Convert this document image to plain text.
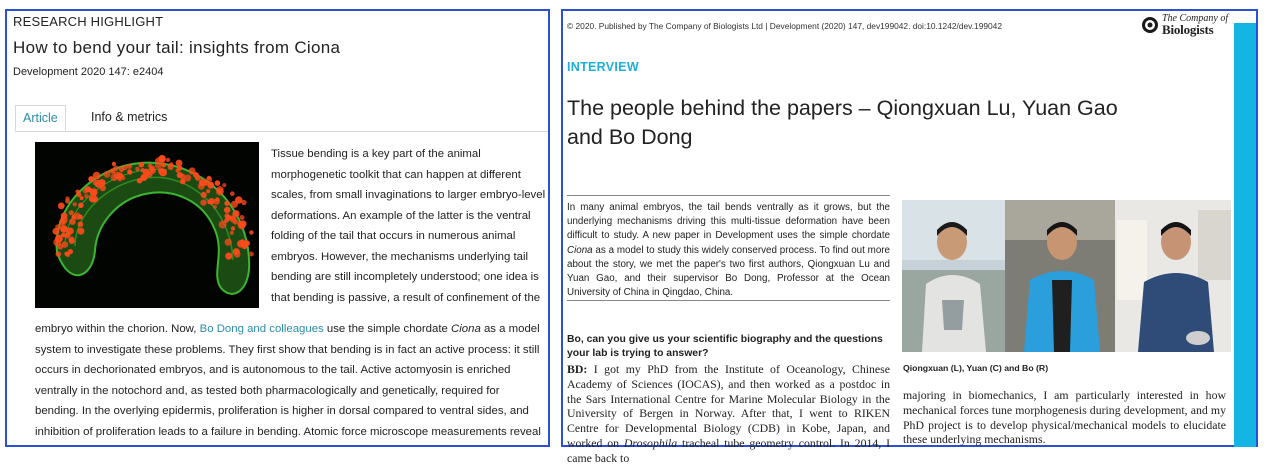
RESEARCH HIGHLIGHT
How to bend your tail: insights from Ciona
Development 2020 147: e2404
Article	Info & metrics
Tissue bending is a key part of the animal
morphogenetic toolkit that can happen at different
scales, from small invaginations to larger embryo-level
deformations. An example of the latter is the ventral
folding of the tail that occurs in numerous animal
embryos. However, the mechanisms underlying tail
bending are still incompletely understood; one idea is
that bending is passive, a result of confinement of the
embryo within the chorion. Now, Bo Dong and colleagues use the simple chordate Ciona as a model
system to investigate these problems. They first show that bending is in fact an active process: it still
occurs in dechorionated embryos, and is autonomous to the tail. Active actomyosin is enriched
ventrally in the notochord and, as tested both pharmacologically and genetically, required for
bending. In the overlying epidermis, proliferation is higher in dorsal compared to ventral sides, and
inhibition of proliferation leads to a failure in bending. Atomic force microscope measurements reveal
© 2020. Published by The Company of Biologists Ltd | Development (2020) 147, dev199042. doi:10.1242/dev.199042
The Company of
Biologists
INTERVIEW
The people behind the papers – Qiongxuan Lu, Yuan Gao
and Bo Dong
In many animal embryos, the tail bends ventrally as it grows, but the underlying mechanisms driving this multi-tissue deformation have been difficult to study. A new paper in Development uses the simple chordate Ciona as a model to study this widely conserved process. To find out more about the story, we met the paper's two first authors, Qiongxuan Lu and Yuan Gao, and their supervisor Bo Dong, Professor at the Ocean University of China in Qingdao, China.
Qiongxuan (L), Yuan (C) and Bo (R)
Bo, can you give us your scientific biography and the questions your lab is trying to answer?
BD: I got my PhD from the Institute of Oceanology, Chinese Academy of Sciences (IOCAS), and then worked as a postdoc in the Sars International Centre for Marine Molecular Biology in the University of Bergen in Norway. After that, I went to RIKEN Centre for Developmental Biology (CDB) in Kobe, Japan, and worked on Drosophila tracheal tube geometry control. In 2014, I came back to
majoring in biomechanics, I am particularly interested in how mechanical forces tune morphogenesis during development, and my PhD project is to develop physical/mechanical models to elucidate these underlying mechanisms.
